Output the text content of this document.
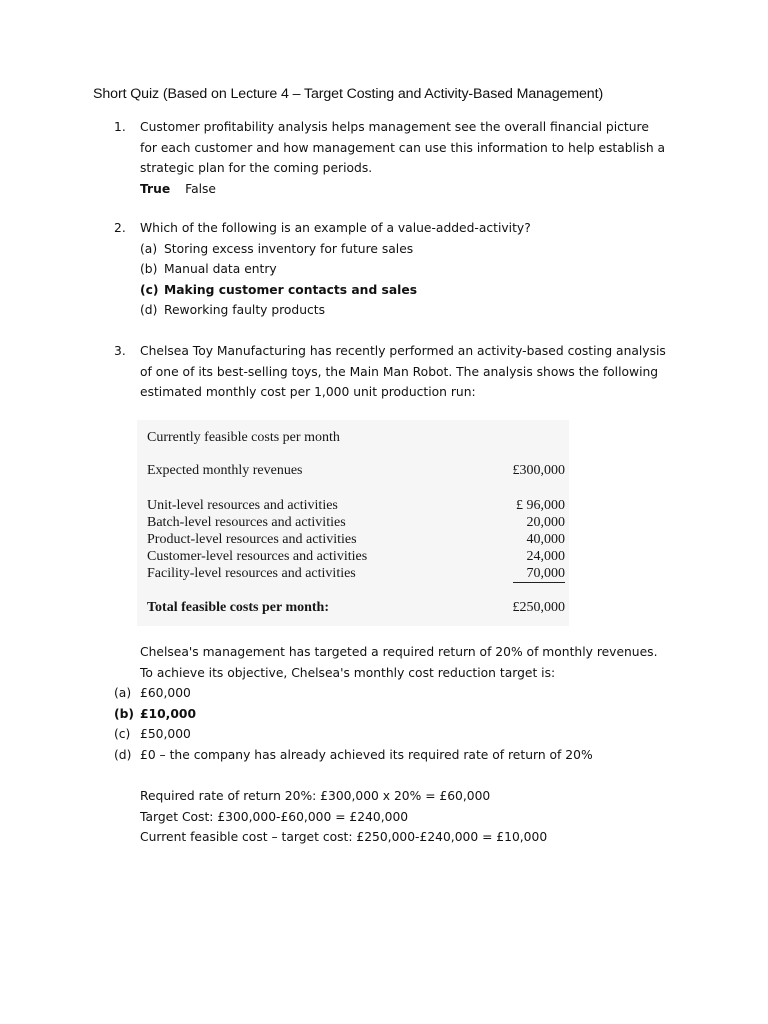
Short Quiz (Based on Lecture 4 – Target Costing and Activity-Based Management)
1.	Customer profitability analysis helps management see the overall financial picture
for each customer and how management can use this information to help establish a
strategic plan for the coming periods.
True False
2.	Which of the following is an example of a value-added-activity?
(a) Storing excess inventory for future sales
(b) Manual data entry
(c) Making customer contacts and sales
(d) Reworking faulty products
3.	Chelsea Toy Manufacturing has recently performed an activity-based costing analysis
of one of its best-selling toys, the Main Man Robot. The analysis shows the following
estimated monthly cost per 1,000 unit production run:
Currently feasible costs per month
Expected monthly revenues	£300,000
Unit-level resources and activities	£ 96,000
Batch-level resources and activities	20,000
Product-level resources and activities	40,000
Customer-level resources and activities	24,000
Facility-level resources and activities	70,000
Total feasible costs per month:	£250,000
Chelsea's management has targeted a required return of 20% of monthly revenues.
To achieve its objective, Chelsea's monthly cost reduction target is:
(a) £60,000
(b) £10,000
(c) £50,000
(d) £0 – the company has already achieved its required rate of return of 20%
Required rate of return 20%: £300,000 x 20% = £60,000
Target Cost: £300,000-£60,000 = £240,000
Current feasible cost – target cost: £250,000-£240,000 = £10,000
